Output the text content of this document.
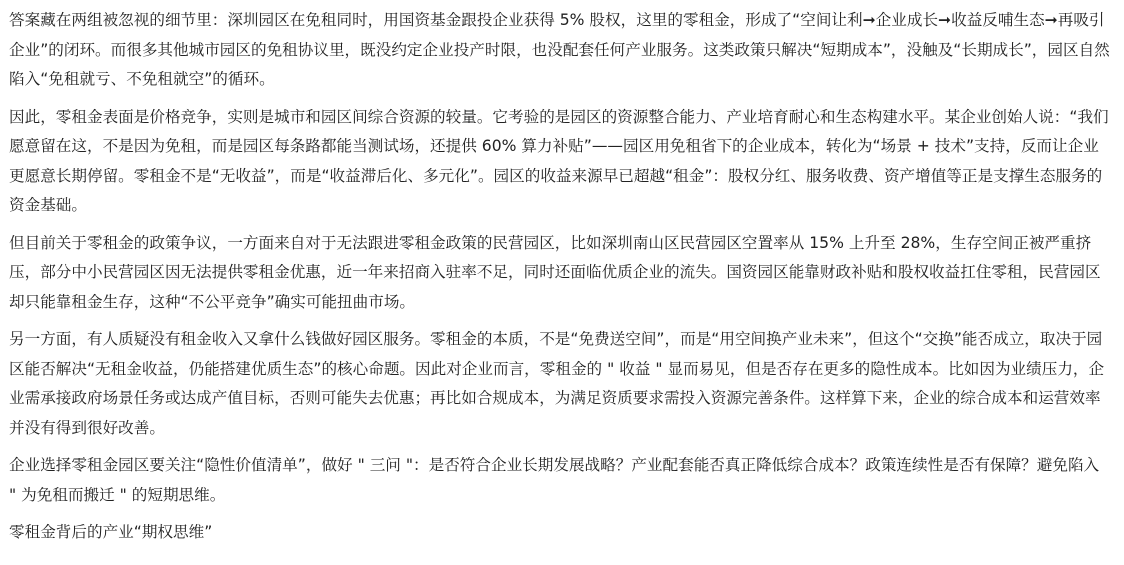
答案藏在两组被忽视的细节里：深圳园区在免租同时，用国资基金跟投企业获得 5% 股权，这里的零租金，形成了“空间让利➞企业成长➞收益反哺生态➞再吸引企业”的闭环。而很多其他城市园区的免租协议里，既没约定企业投产时限，也没配套任何产业服务。这类政策只解决“短期成本”，没触及“长期成长”，园区自然陷入“免租就亏、不免租就空”的循环。

因此，零租金表面是价格竞争，实则是城市和园区间综合资源的较量。它考验的是园区的资源整合能力、产业培育耐心和生态构建水平。某企业创始人说：“我们愿意留在这，不是因为免租，而是园区每条路都能当测试场，还提供 60% 算力补贴”——园区用免租省下的企业成本，转化为“场景 + 技术”支持，反而让企业更愿意长期停留。零租金不是“无收益”，而是“收益滞后化、多元化”。园区的收益来源早已超越“租金”：股权分红、服务收费、资产增值等正是支撑生态服务的资金基础。

但目前关于零租金的政策争议，一方面来自对于无法跟进零租金政策的民营园区，比如深圳南山区民营园区空置率从 15% 上升至 28%，生存空间正被严重挤压，部分中小民营园区因无法提供零租金优惠，近一年来招商入驻率不足，同时还面临优质企业的流失。国资园区能靠财政补贴和股权收益扛住零租，民营园区却只能靠租金生存，这种“不公平竞争”确实可能扭曲市场。

另一方面，有人质疑没有租金收入又拿什么钱做好园区服务。零租金的本质，不是“免费送空间”，而是“用空间换产业未来”，但这个“交换”能否成立，取决于园区能否解决“无租金收益，仍能搭建优质生态”的核心命题。因此对企业而言，零租金的 " 收益 " 显而易见，但是否存在更多的隐性成本。比如因为业绩压力，企业需承接政府场景任务或达成产值目标，否则可能失去优惠；再比如合规成本，为满足资质要求需投入资源完善条件。这样算下来，企业的综合成本和运营效率并没有得到很好改善。

企业选择零租金园区要关注“隐性价值清单”，做好 " 三问 "：是否符合企业长期发展战略？产业配套能否真正降低综合成本？政策连续性是否有保障？避免陷入 " 为免租而搬迁 " 的短期思维。

零租金背后的产业“期权思维”
